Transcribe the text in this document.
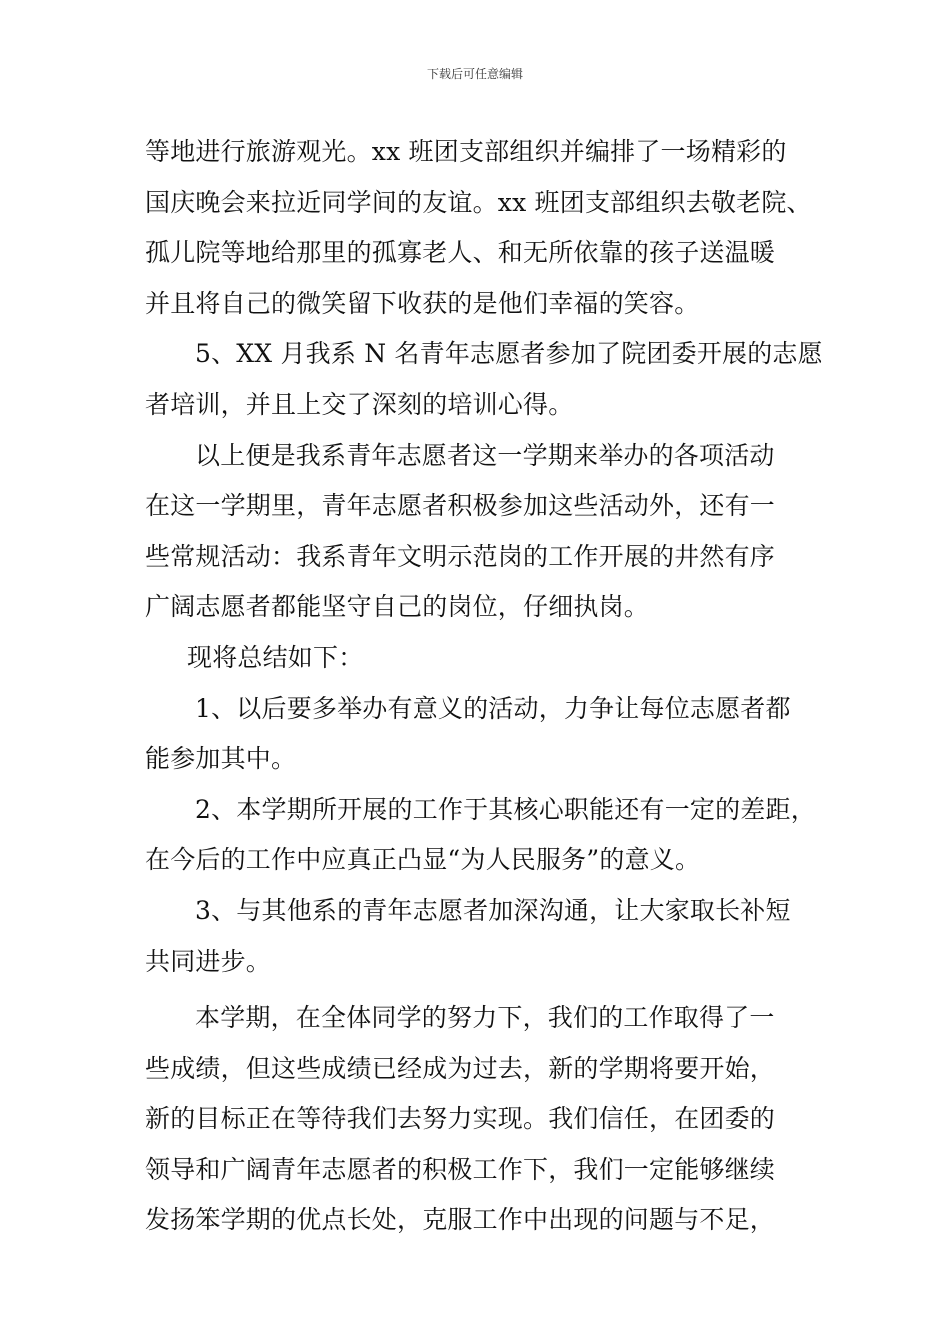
下载后可任意编辑
等地进行旅游观光。xx 班团支部组织并编排了一场精彩的
国庆晚会来拉近同学间的友谊。xx 班团支部组织去敬老院、
孤儿院等地给那里的孤寡老人、和无所依靠的孩子送温暖
并且将自己的微笑留下收获的是他们幸福的笑容。
5、XX 月我系 N 名青年志愿者参加了院团委开展的志愿
者培训，并且上交了深刻的培训心得。
以上便是我系青年志愿者这一学期来举办的各项活动
在这一学期里，青年志愿者积极参加这些活动外，还有一
些常规活动：我系青年文明示范岗的工作开展的井然有序
广阔志愿者都能坚守自己的岗位，仔细执岗。
现将总结如下：
1、以后要多举办有意义的活动，力争让每位志愿者都
能参加其中。
2、本学期所开展的工作于其核心职能还有一定的差距，
在今后的工作中应真正凸显“为人民服务”的意义。
3、与其他系的青年志愿者加深沟通，让大家取长补短
共同进步。
本学期，在全体同学的努力下，我们的工作取得了一
些成绩，但这些成绩已经成为过去，新的学期将要开始，
新的目标正在等待我们去努力实现。我们信任，在团委的
领导和广阔青年志愿者的积极工作下，我们一定能够继续
发扬笨学期的优点长处，克服工作中出现的问题与不足，
